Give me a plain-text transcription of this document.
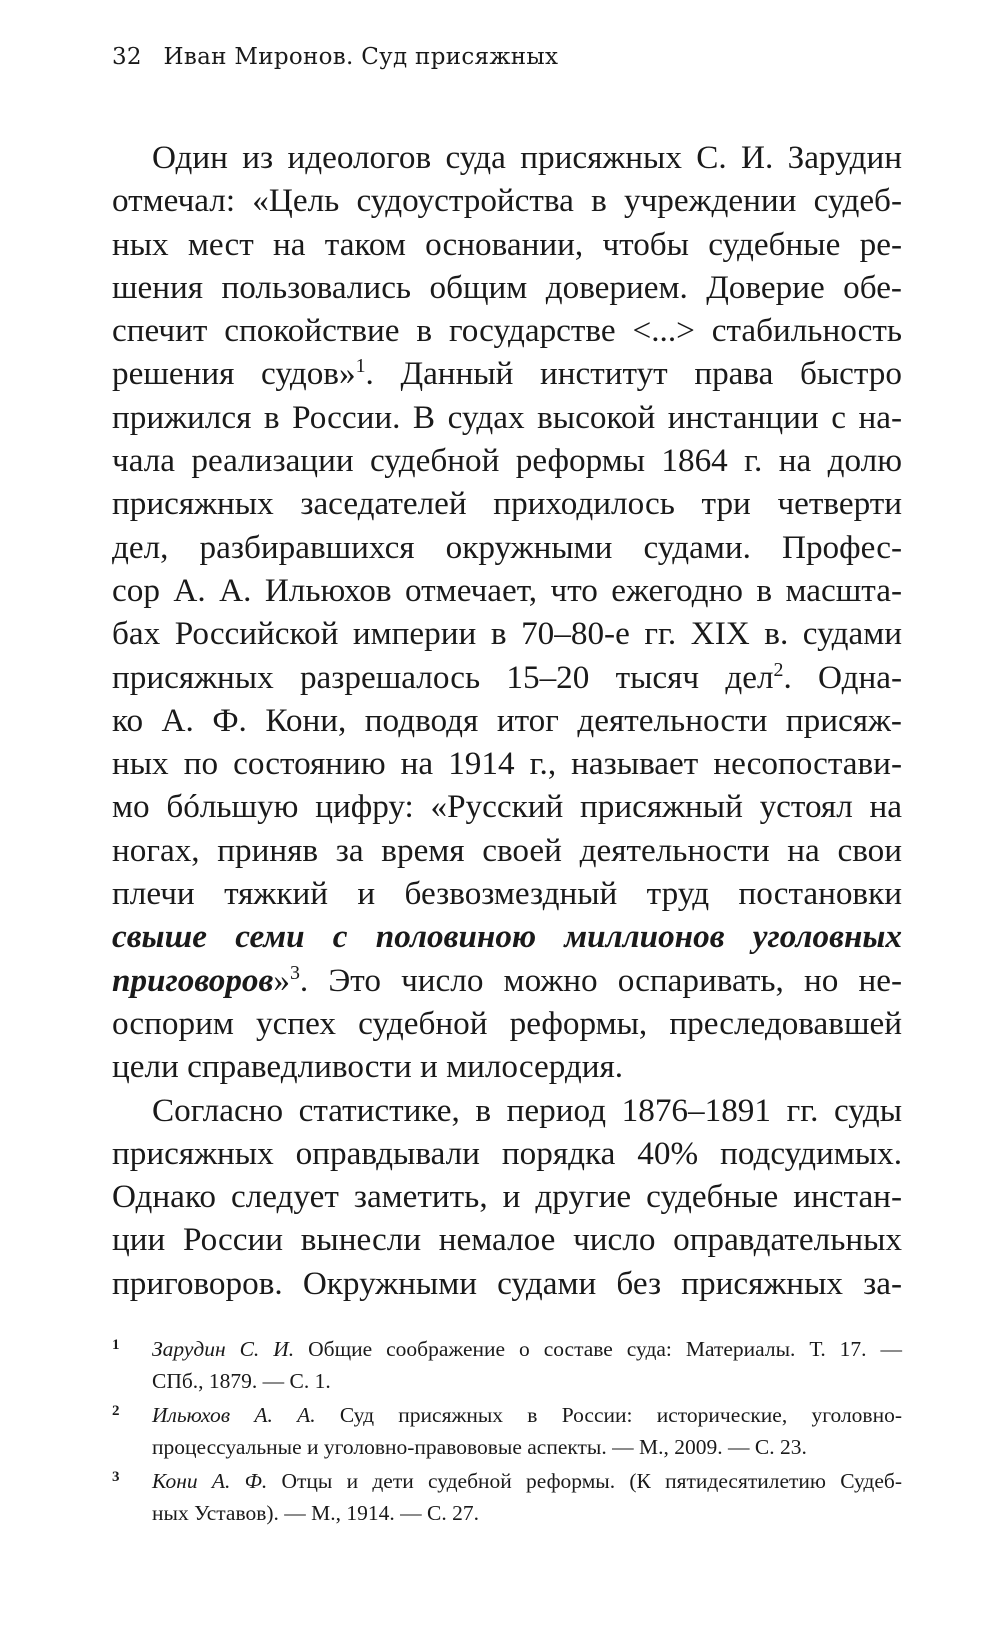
32 Иван Миронов. Суд присяжных
Один из идеологов суда присяжных С. И. Зарудин
отмечал: «Цель судоустройства в учреждении судеб-
ных мест на таком основании, чтобы судебные ре-
шения пользовались общим доверием. Доверие обе-
спечит спокойствие в государстве <...> стабильность
решения судов»$^1$. Данный институт права быстро
прижился в России. В судах высокой инстанции с на-
чала реализации судебной реформы 1864 г. на долю
присяжных заседателей приходилось три четверти
дел, разбиравшихся окружными судами. Профес-
сор А. А. Ильюхов отмечает, что ежегодно в масшта-
бах Российской империи в 70–80-е гг. XIX в. судами
присяжных разрешалось 15–20 тысяч дел$^2$. Одна-
ко А. Ф. Кони, подводя итог деятельности присяж-
ных по состоянию на 1914 г., называет несопостави-
мо бóльшую цифру: «Русский присяжный устоял на
ногах, приняв за время своей деятельности на свои
плечи тяжкий и безвозмездный труд постановки
свыше семи с половиною миллионов уголовных
приговоров»$^3$. Это число можно оспаривать, но не-
оспорим успех судебной реформы, преследовавшей
цели справедливости и милосердия.
Согласно статистике, в период 1876–1891 гг. суды
присяжных оправдывали порядка 40% подсудимых.
Однако следует заметить, и другие судебные инстан-
ции России вынесли немалое число оправдательных
приговоров. Окружными судами без присяжных за-
1 Зарудин С. И. Общие соображение о составе суда: Материалы. Т. 17. —
СПб., 1879. — С. 1.
2 Ильюхов А. А. Суд присяжных в России: исторические, уголовно-
процессуальные и уголовно-правововые аспекты. — М., 2009. — С. 23.
3 Кони А. Ф. Отцы и дети судебной реформы. (К пятидесятилетию Судеб-
ных Уставов). — М., 1914. — С. 27.
